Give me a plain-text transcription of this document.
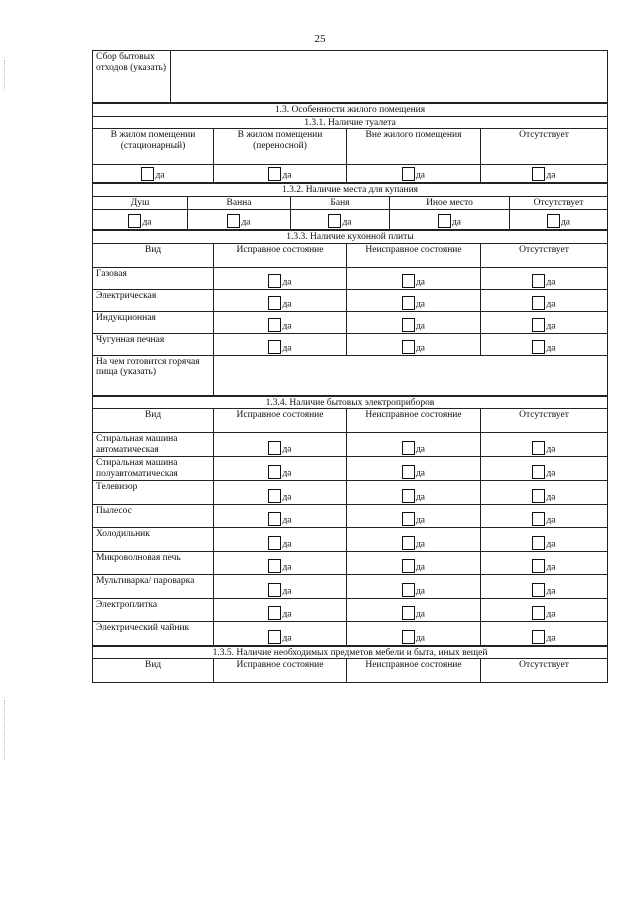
25
Сбор бытовых отходов (указать)	
1.3. Особенности жилого помещения			
1.3.1. Наличие туалета			
В жилом помещении (стационарный)	В жилом помещении (переносной)	Вне жилого помещения	Отсутствует
да	да	да	да
1.3.2. Наличие места для купания				
Душ	Ванна	Баня	Иное место	Отсутствует
да	да	да	да	да
1.3.3. Наличие кухонной плиты			
Вид	Исправное состояние	Неисправное состояние	Отсутствует
Газовая	да	да	да
Электрическая	да	да	да
Индукционная	да	да	да
Чугунная печная	да	да	да
На чем готовится горячая пища (указать)			
1.3.4. Наличие бытовых электроприборов			
Вид	Исправное состояние	Неисправное состояние	Отсутствует
Стиральная машина автоматическая	да	да	да
Стиральная машина полуавтоматическая	да	да	да
Телевизор	да	да	да
Пылесос	да	да	да
Холодильник	да	да	да
Микроволновая печь	да	да	да
Мультиварка/ пароварка	да	да	да
Электроплитка	да	да	да
Электрический чайник	да	да	да
1.3.5. Наличие необходимых предметов мебели и быта, иных вещей
Вид	Исправное состояние	Неисправное состояние	Отсутствует
